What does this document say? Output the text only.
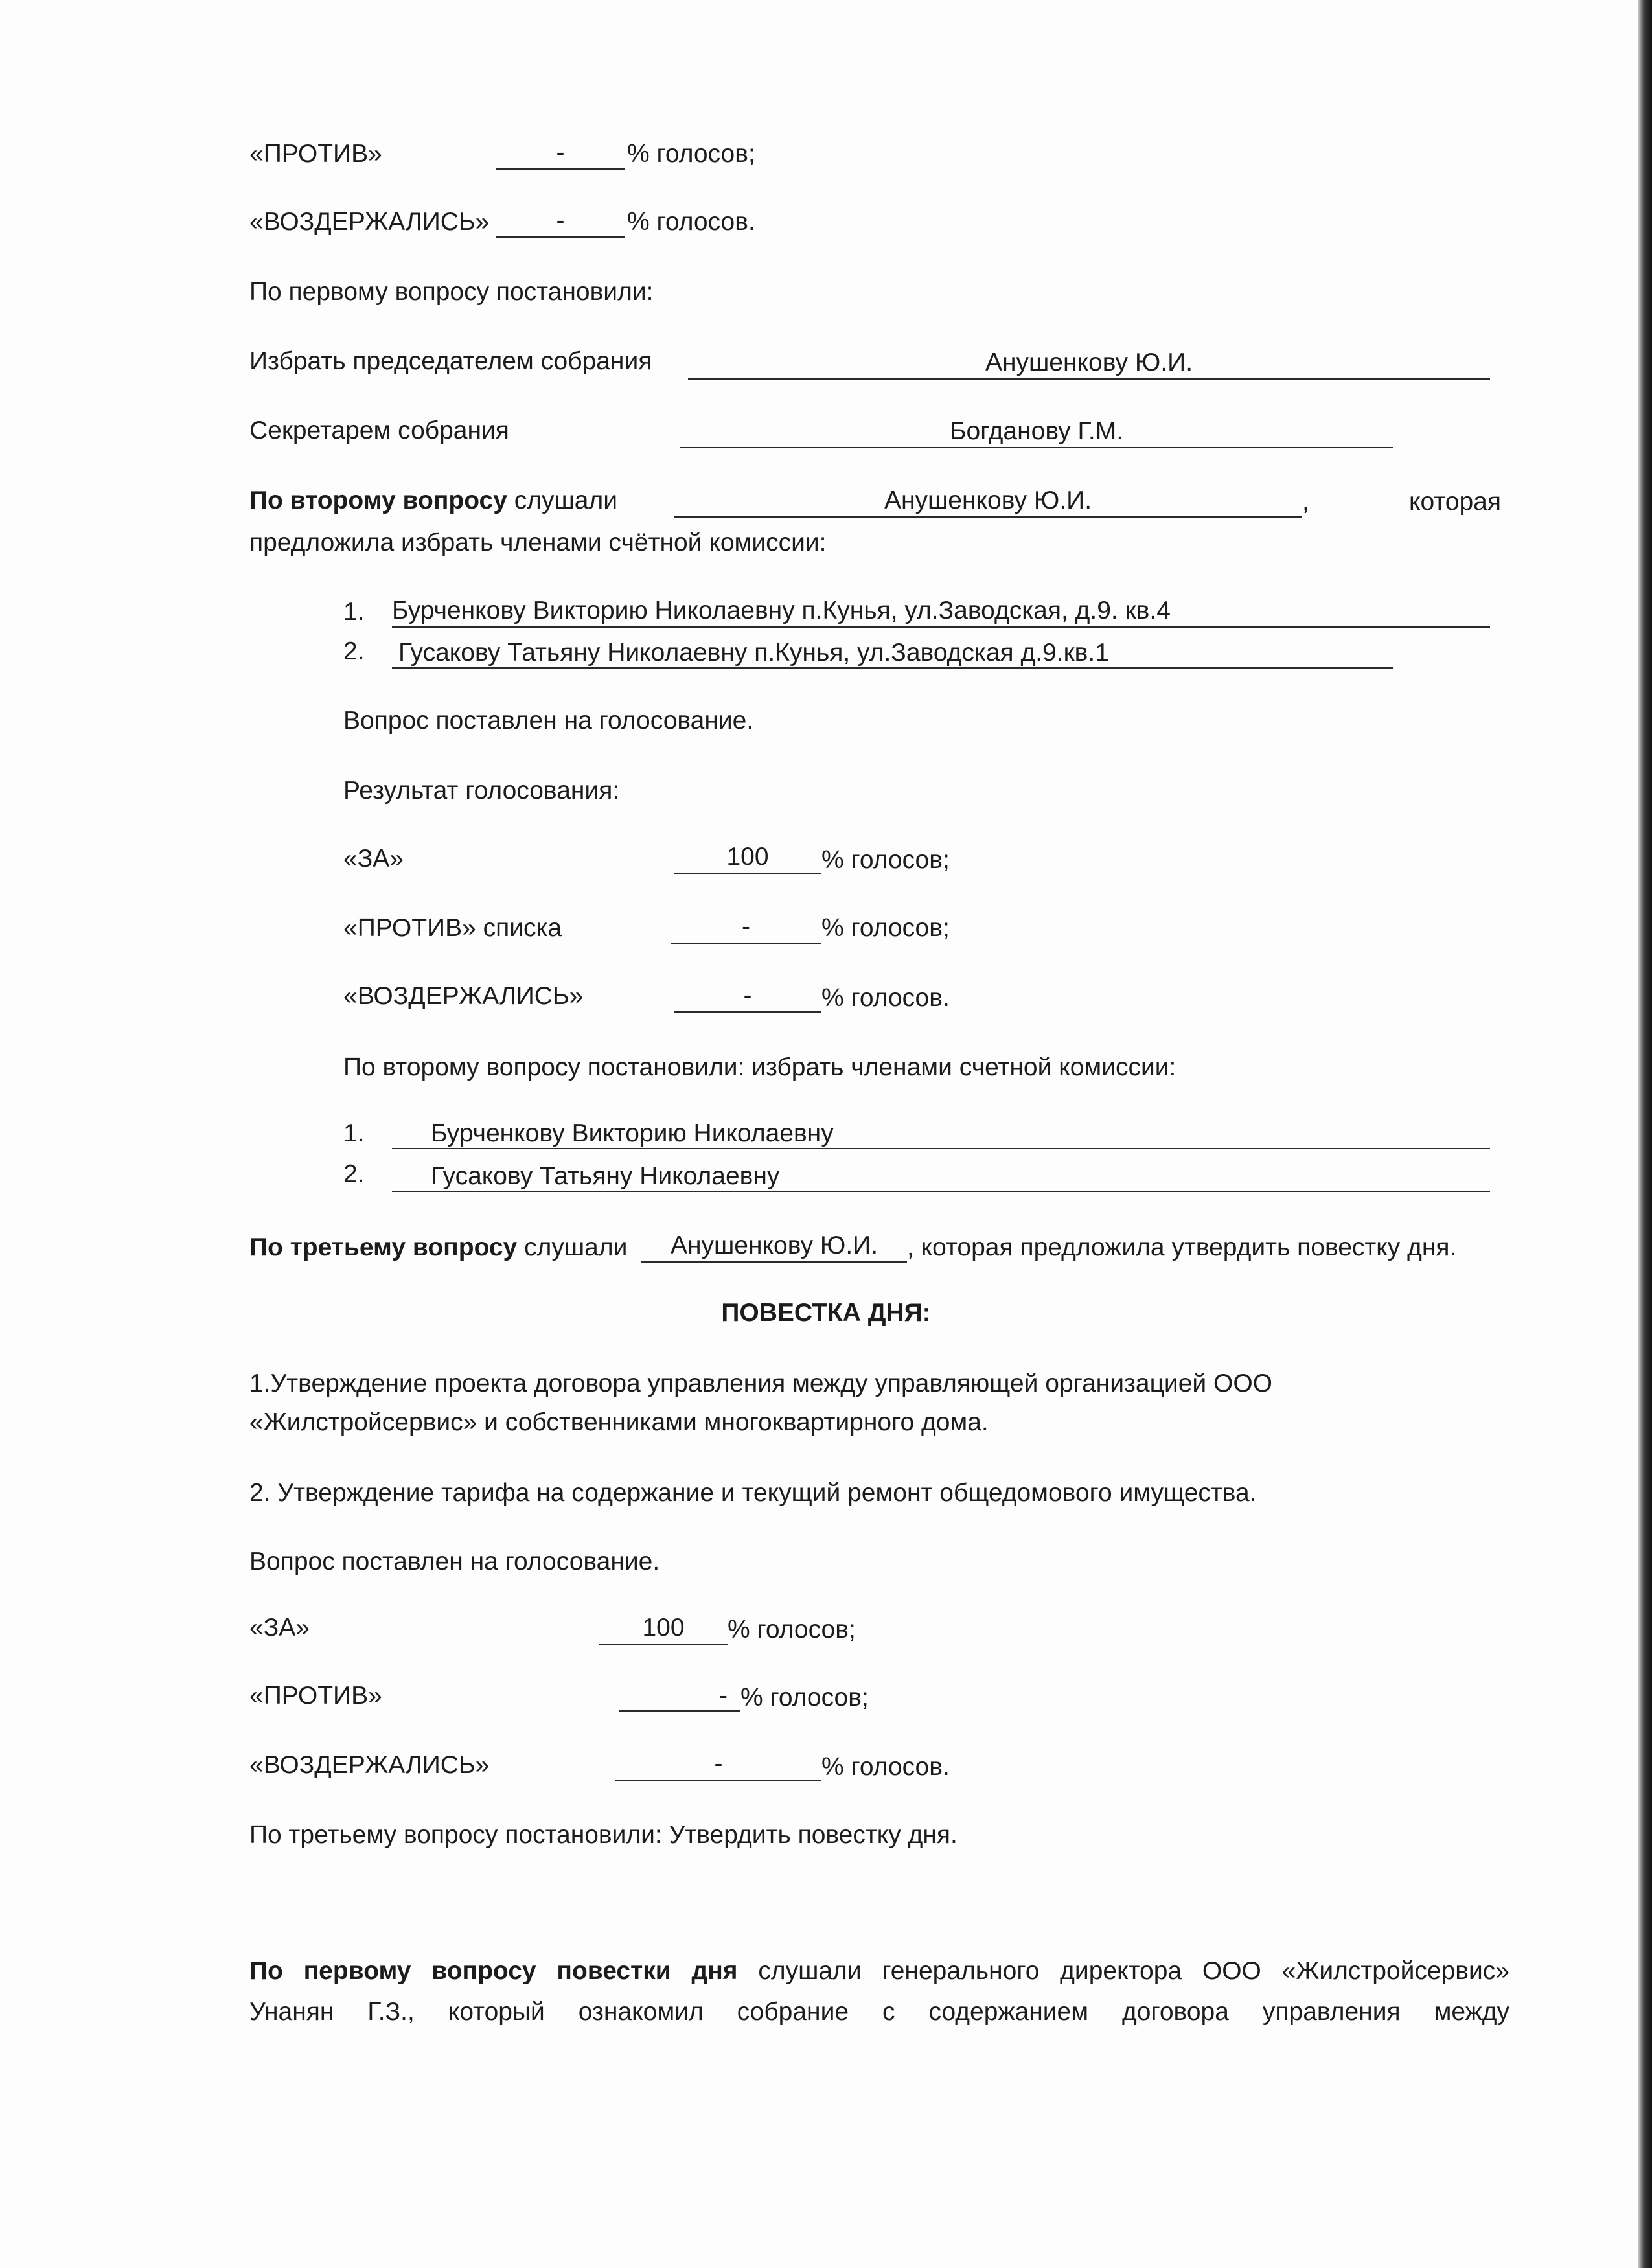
«ПРОТИВ»	-	% голосов;
«ВОЗДЕРЖАЛИСЬ»	-	% голосов.
По первому вопросу постановили:
Избрать председателем собрания	Анушенкову Ю.И.
Секретарем собрания	Богданову Г.М.
По второму вопросу слушали	Анушенкову Ю.И.	,	которая
предложила избрать членами счётной комиссии:
1. Бурченкову Викторию Николаевну п.Кунья, ул.Заводская, д.9. кв.4
2. Гусакову Татьяну Николаевну п.Кунья, ул.Заводская д.9.кв.1
Вопрос поставлен на голосование.
Результат голосования:
«ЗА»	100	% голосов;
«ПРОТИВ» списка	-	% голосов;
«ВОЗДЕРЖАЛИСЬ»	-	% голосов.
По второму вопросу постановили: избрать членами счетной комиссии:
1.	Бурченкову Викторию Николаевну
2.	Гусакову Татьяну Николаевну
По третьему вопросу слушали	Анушенкову Ю.И.	, которая предложила утвердить повестку дня.
ПОВЕСТКА ДНЯ:
1.Утверждение проекта договора управления между управляющей организацией ООО
«Жилстройсервис» и собственниками многоквартирного дома.
2. Утверждение тарифа на содержание и текущий ремонт общедомового имущества.
Вопрос поставлен на голосование.
«ЗА»	100	% голосов;
«ПРОТИВ»	- % голосов;
«ВОЗДЕРЖАЛИСЬ»	-	% голосов.
По третьему вопросу постановили: Утвердить повестку дня.
По первому вопросу повестки дня слушали генерального директора ООО «Жилстройсервис»
Унанян Г.З., который ознакомил собрание с содержанием договора управления между
